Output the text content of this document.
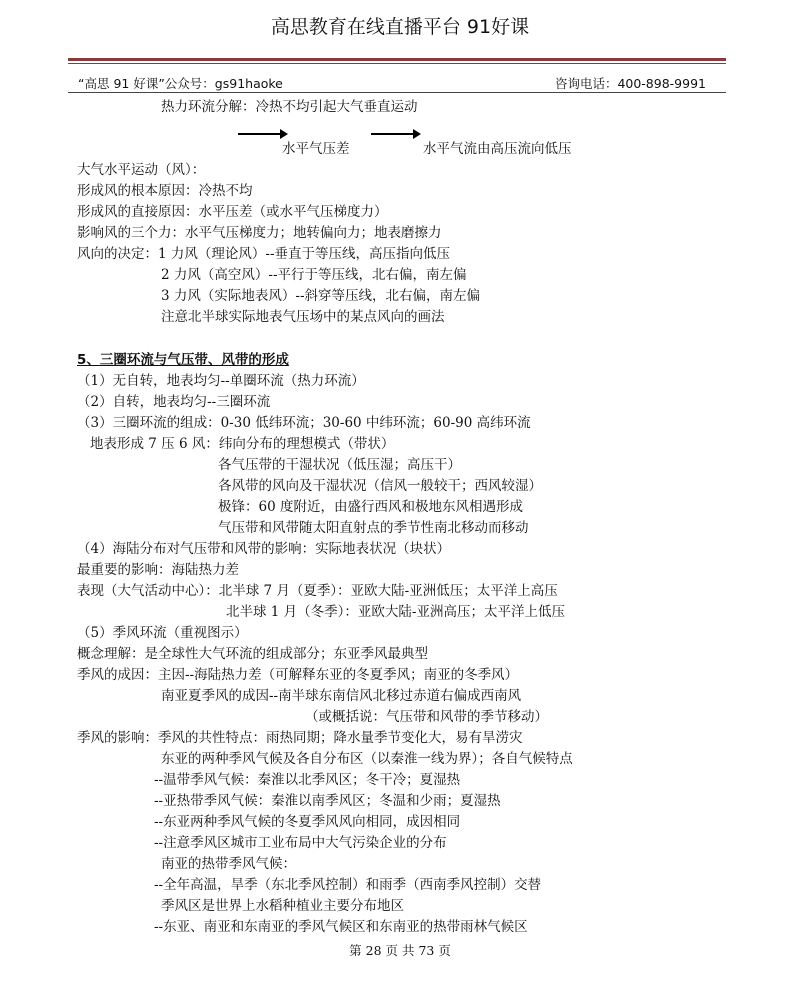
高思教育在线直播平台 91好课
“高思 91 好课”公众号：gs91haoke	咨询电话：400-898-9991
热力环流分解：冷热不均引起大气垂直运动
水平气压差	水平气流由高压流向低压
大气水平运动（风）：
形成风的根本原因：冷热不均
形成风的直接原因：水平压差（或水平气压梯度力）
影响风的三个力：水平气压梯度力；地转偏向力；地表磨擦力
风向的决定：1 力风（理论风）--垂直于等压线，高压指向低压
2 力风（高空风）--平行于等压线，北右偏，南左偏
3 力风（实际地表风）--斜穿等压线，北右偏，南左偏
注意北半球实际地表气压场中的某点风向的画法
5、三圈环流与气压带、风带的形成
（1）无自转，地表均匀--单圈环流（热力环流）
（2）自转，地表均匀--三圈环流
（3）三圈环流的组成：0-30 低纬环流；30-60 中纬环流；60-90 高纬环流
地表形成 7 压 6 风：纬向分布的理想模式（带状）
各气压带的干湿状况（低压湿；高压干）
各风带的风向及干湿状况（信风一般较干；西风较湿）
极锋：60 度附近，由盛行西风和极地东风相遇形成
气压带和风带随太阳直射点的季节性南北移动而移动
（4）海陆分布对气压带和风带的影响：实际地表状况（块状）
最重要的影响：海陆热力差
表现（大气活动中心）：北半球 7 月（夏季）：亚欧大陆-亚洲低压；太平洋上高压
北半球 1 月（冬季）：亚欧大陆-亚洲高压；太平洋上低压
（5）季风环流（重视图示）
概念理解：是全球性大气环流的组成部分；东亚季风最典型
季风的成因：主因--海陆热力差（可解释东亚的冬夏季风；南亚的冬季风）
南亚夏季风的成因--南半球东南信风北移过赤道右偏成西南风
（或概括说：气压带和风带的季节移动）
季风的影响：季风的共性特点：雨热同期；降水量季节变化大，易有旱涝灾
东亚的两种季风气候及各自分布区（以秦淮一线为界）；各自气候特点
--温带季风气候：秦淮以北季风区；冬干冷；夏湿热
--亚热带季风气候：秦淮以南季风区；冬温和少雨；夏湿热
--东亚两种季风气候的冬夏季风风向相同，成因相同
--注意季风区城市工业布局中大气污染企业的分布
南亚的热带季风气候：
--全年高温，旱季（东北季风控制）和雨季（西南季风控制）交替
季风区是世界上水稻种植业主要分布地区
--东亚、南亚和东南亚的季风气候区和东南亚的热带雨林气候区
第 28 页 共 73 页
